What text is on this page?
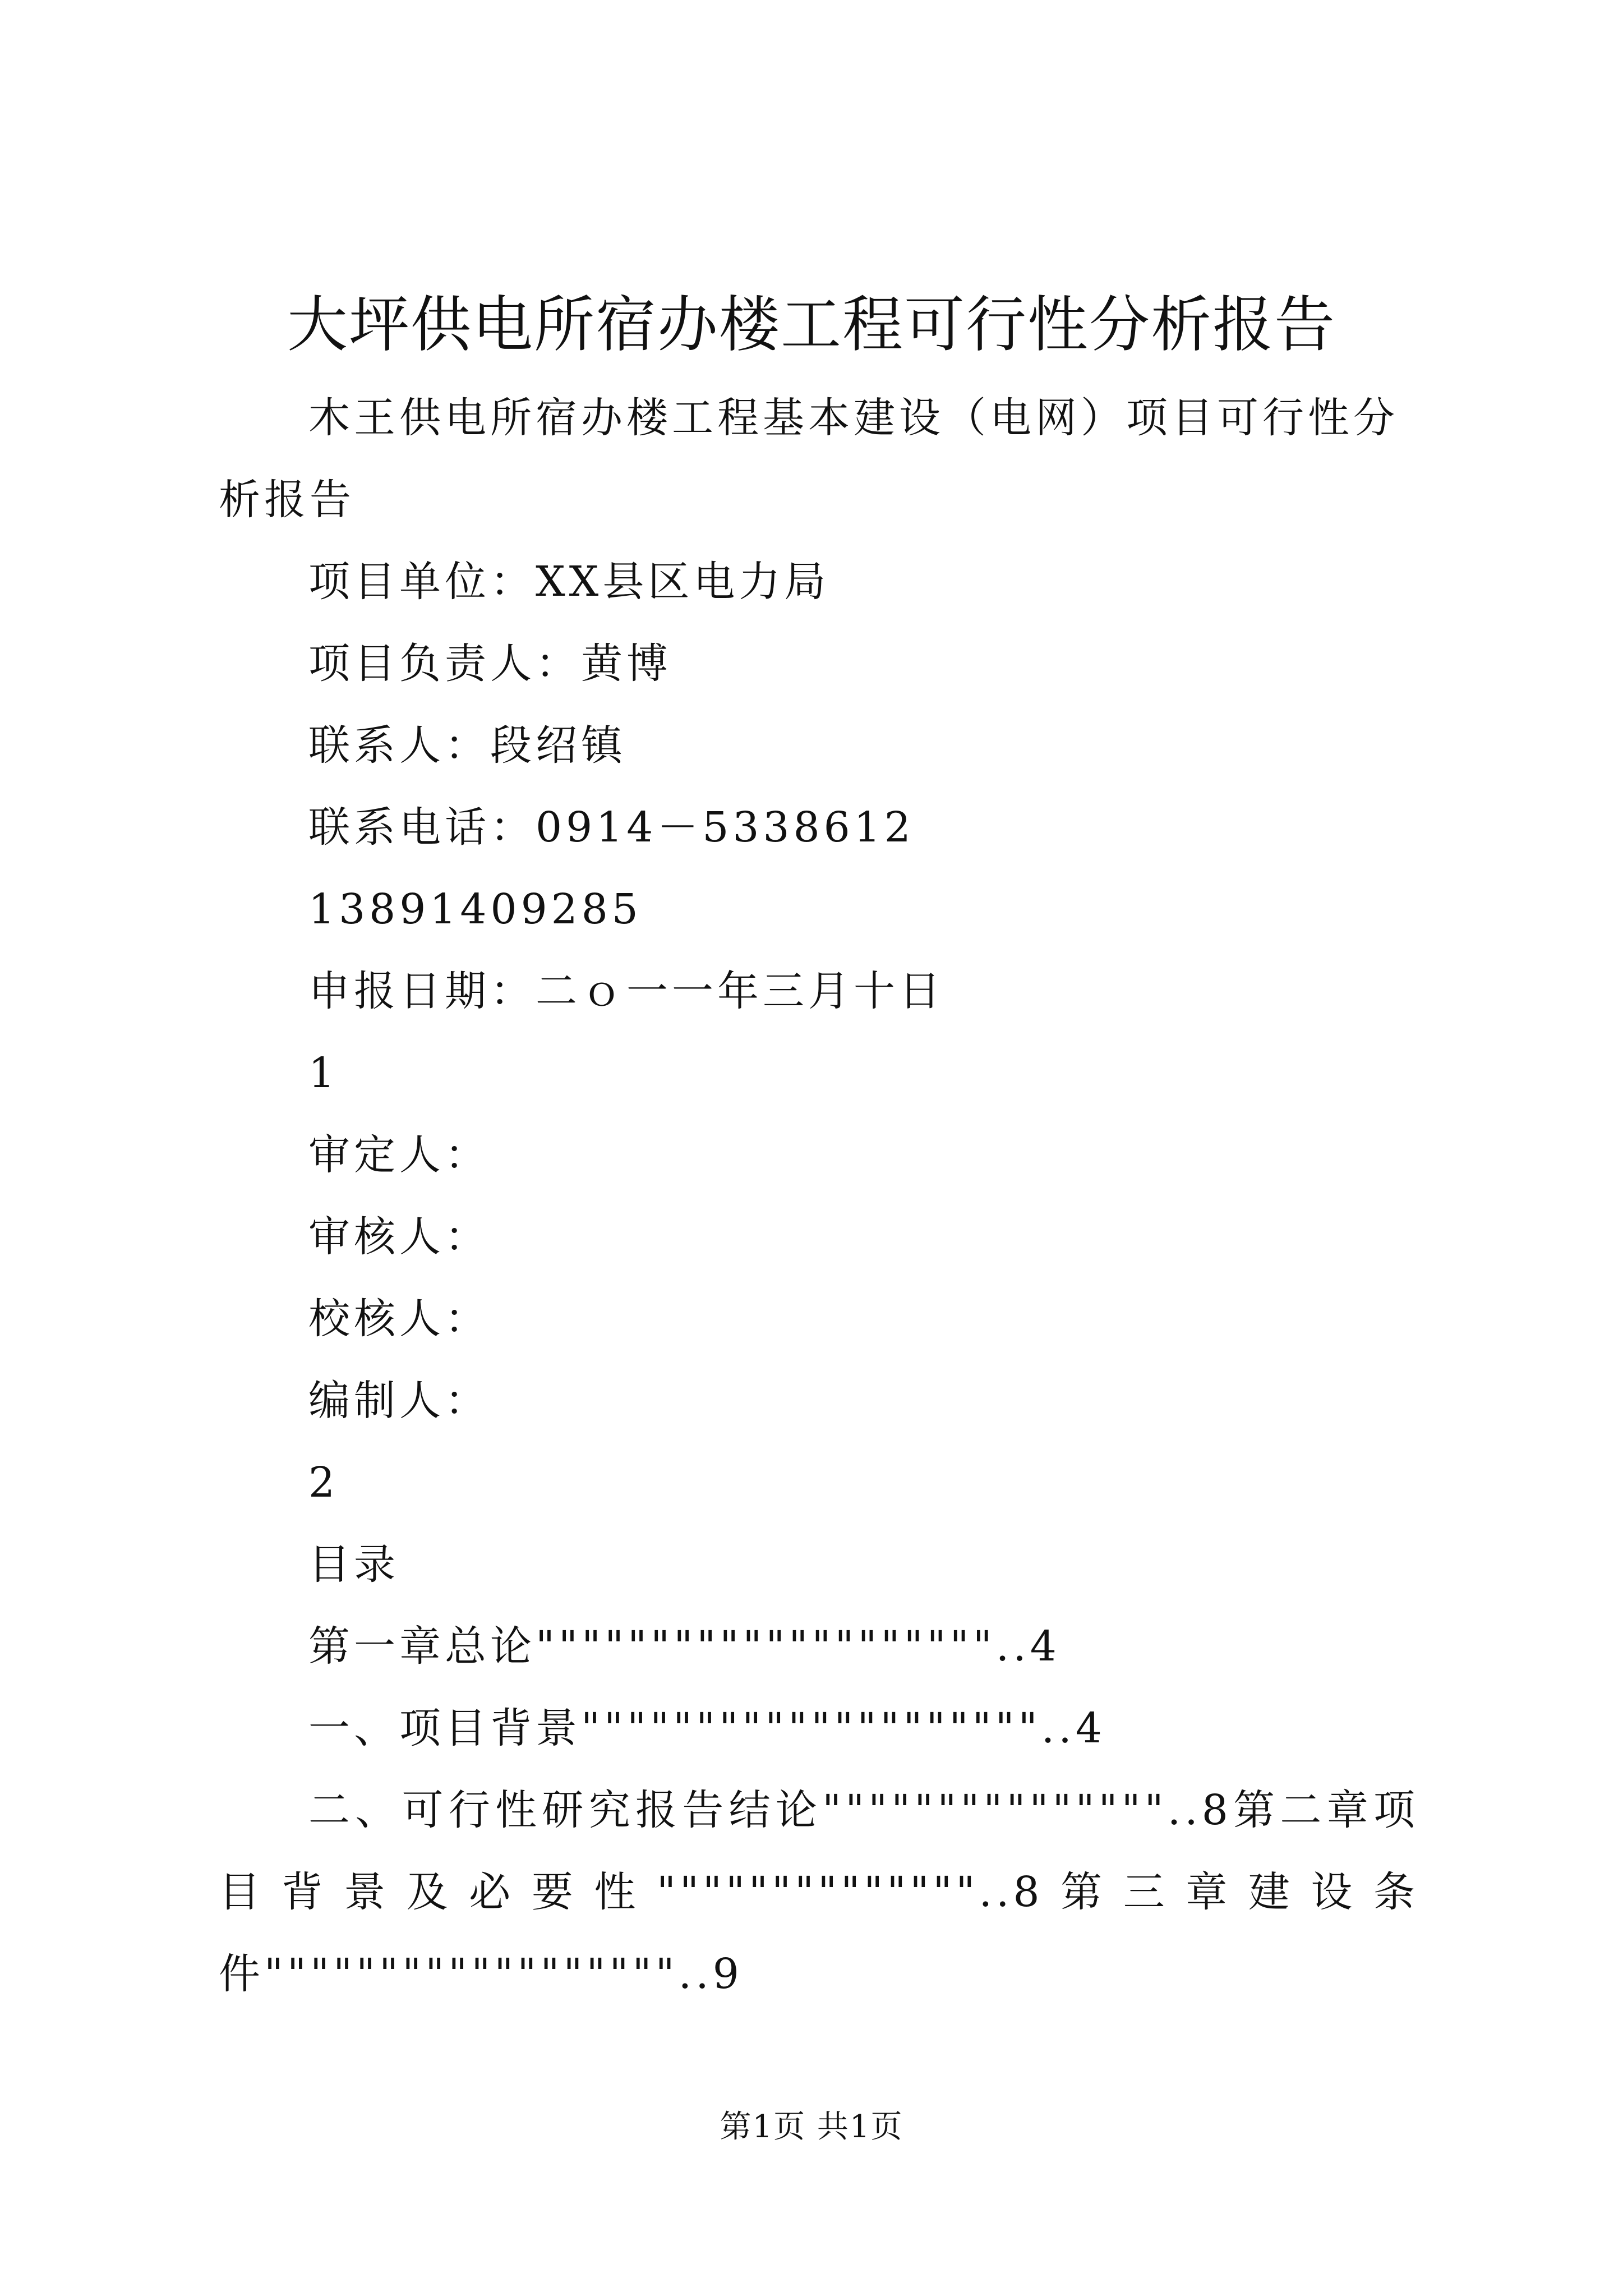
大坪供电所宿办楼工程可行性分析报告

木王供电所宿办楼工程基本建设（电网）项目可行性分析报告

项目单位：XX县区电力局

项目负责人：黄博

联系人：段绍镇

联系电话：0914－5338612

13891409285

申报日期：二ｏ一一年三月十日

1

审定人：

审核人：

校核人：

编制人：

2

目录

第一章总论""""""""""""""""""""..4

一、项目背景""""""""""""""""""""..4

二、可行性研究报告结论"""""""""""""""..8第二章项目背景及必要性""""""""""""""..8第三章建设条件""""""""""""""""""..9

第1页 共1页
